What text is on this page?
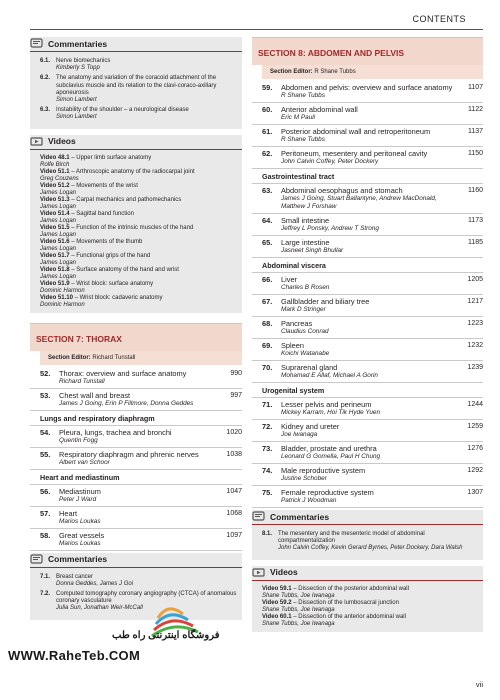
CONTENTS
Commentaries
6.1. Nerve biomechanics
Kimberly S Topp
6.2. The anatomy and variation of the coracoid attachment of the subclavius muscle and its relation to the clavi-coraco-axillary aponeurosis
Simon Lambert
6.3. Instability of the shoulder – a neurological disease
Simon Lambert
Videos
Video 48.1 – Upper limb surface anatomy
Rolfe Birch
Video 51.1 – Arthroscopic anatomy of the radiocarpal joint
Greg Couzens
Video 51.2 – Movements of the wrist
James Logan
Video 51.3 – Carpal mechanics and pathomechanics
James Logan
Video 51.4 – Sagittal band function
James Logan
Video 51.5 – Function of the intrinsic muscles of the hand
James Logan
Video 51.6 – Movements of the thumb
James Logan
Video 51.7 – Functional grips of the hand
James Logan
Video 51.8 – Surface anatomy of the hand and wrist
James Logan
Video 51.9 – Wrist block: surface anatomy
Dominic Harmon
Video 51.10 – Wrist block: cadaveric anatomy
Dominic Harmon
SECTION 7: THORAX
Section Editor: Richard Tunstall
52.	Thorax: overview and surface anatomy
Richard Tunstall
990
53.	Chest wall and breast
James J Going, Erin P Fillmore, Donna Geddes
997
Lungs and respiratory diaphragm
54.	Pleura, lungs, trachea and bronchi
Quentin Fogg
1020
55.	Respiratory diaphragm and phrenic nerves
Albert van Schoor
1038
Heart and mediastinum
56.	Mediastinum
Peter J Ward
1047
57.	Heart
Marios Loukas
1068
58.	Great vessels
Marios Loukas
1097
Commentaries
7.1. Breast cancer
Donna Geddes, James J Goi
7.2. Computed tomography coronary angiography (CTCA) of anomalous coronary vasculature
Julia Sun, Jonathan Weir-McCall
SECTION 8: ABDOMEN AND PELVIS
Section Editor: R Shane Tubbs
59.	Abdomen and pelvis: overview and surface anatomy
R Shane Tubbs
1107
60.	Anterior abdominal wall
Eric M Pauli
1122
61.	Posterior abdominal wall and retroperitoneum
R Shane Tubbs
1137
62.	Peritoneum, mesentery and peritoneal cavity
John Calvin Coffey, Peter Dockery
1150
Gastrointestinal tract
63.	Abdominal oesophagus and stomach
James J Going, Stuart Ballantyne, Andrew MacDonald, Matthew J Forshaw
1160
64.	Small intestine
Jeffrey L Ponsky, Andrew T Strong
1173
65.	Large intestine
Jasneet Singh Bhullar
1185
Abdominal viscera
66.	Liver
Charles B Rosen
1205
67.	Gallbladder and biliary tree
Mark D Stringer
1217
68.	Pancreas
Claudius Conrad
1223
69.	Spleen
Koichi Watanabe
1232
70.	Suprarenal gland
Mohamad E Allaf, Michael A Gorin
1239
Urogenital system
71.	Lesser pelvis and perineum
Mickey Karram, Hoi Tik Hyde Yuen
1244
72.	Kidney and ureter
Joe Iwanaga
1259
73.	Bladder, prostate and urethra
Leonard G Gomella, Paul H Chung
1276
74.	Male reproductive system
Justine Schober
1292
75.	Female reproductive system
Patrick J Woodman
1307
Commentaries
8.1. The mesentery and the mesenteric model of abdominal compartmentalization
John Calvin Coffey, Kevin Gerard Byrnes, Peter Dockery, Dara Walsh
Videos
Video 59.1 – Dissection of the posterior abdominal wall
Shane Tubbs, Joe Iwanaga
Video 59.2 – Dissection of the lumbosacral junction
Shane Tubbs, Joe Iwanaga
Video 60.1 – Dissection of the anterior abdominal wall
Shane Tubbs, Joe Iwanaga
فروشگاه اینترنتی راه طب
WWW.RaheTeb.COM
vii
